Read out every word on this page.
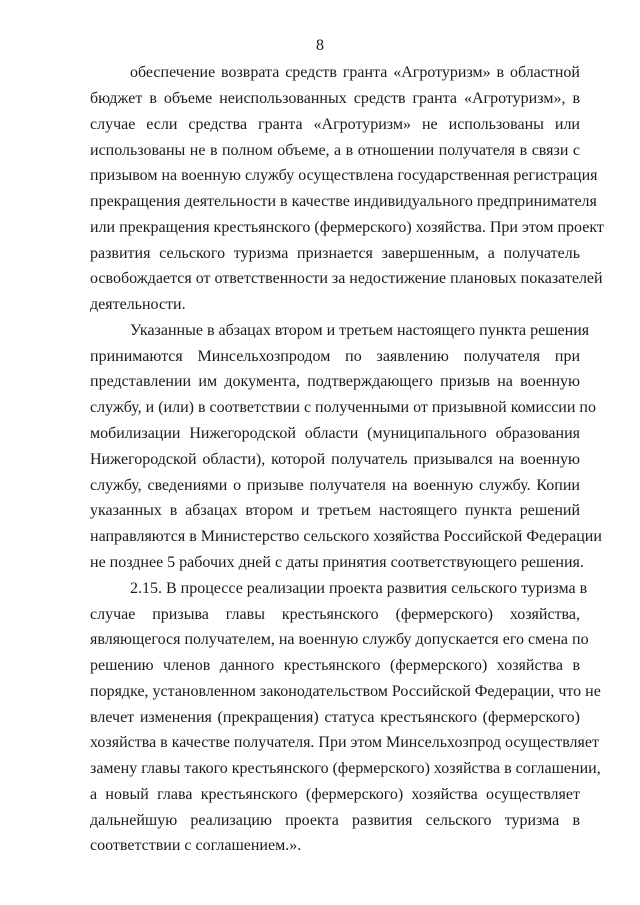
8
обеспечение возврата средств гранта «Агротуризм» в областной
бюджет в объеме неиспользованных средств гранта «Агротуризм», в
случае если средства гранта «Агротуризм» не использованы или
использованы не в полном объеме, а в отношении получателя в связи с
призывом на военную службу осуществлена государственная регистрация
прекращения деятельности в качестве индивидуального предпринимателя
или прекращения крестьянского (фермерского) хозяйства. При этом проект
развития сельского туризма признается завершенным, а получатель
освобождается от ответственности за недостижение плановых показателей
деятельности.
Указанные в абзацах втором и третьем настоящего пункта решения
принимаются Минсельхозпродом по заявлению получателя при
представлении им документа, подтверждающего призыв на военную
службу, и (или) в соответствии с полученными от призывной комиссии по
мобилизации Нижегородской области (муниципального образования
Нижегородской области), которой получатель призывался на военную
службу, сведениями о призыве получателя на военную службу. Копии
указанных в абзацах втором и третьем настоящего пункта решений
направляются в Министерство сельского хозяйства Российской Федерации
не позднее 5 рабочих дней с даты принятия соответствующего решения.
2.15. В процессе реализации проекта развития сельского туризма в
случае призыва главы крестьянского (фермерского) хозяйства,
являющегося получателем, на военную службу допускается его смена по
решению членов данного крестьянского (фермерского) хозяйства в
порядке, установленном законодательством Российской Федерации, что не
влечет изменения (прекращения) статуса крестьянского (фермерского)
хозяйства в качестве получателя. При этом Минсельхозпрод осуществляет
замену главы такого крестьянского (фермерского) хозяйства в соглашении,
а новый глава крестьянского (фермерского) хозяйства осуществляет
дальнейшую реализацию проекта развития сельского туризма в
соответствии с соглашением.».
